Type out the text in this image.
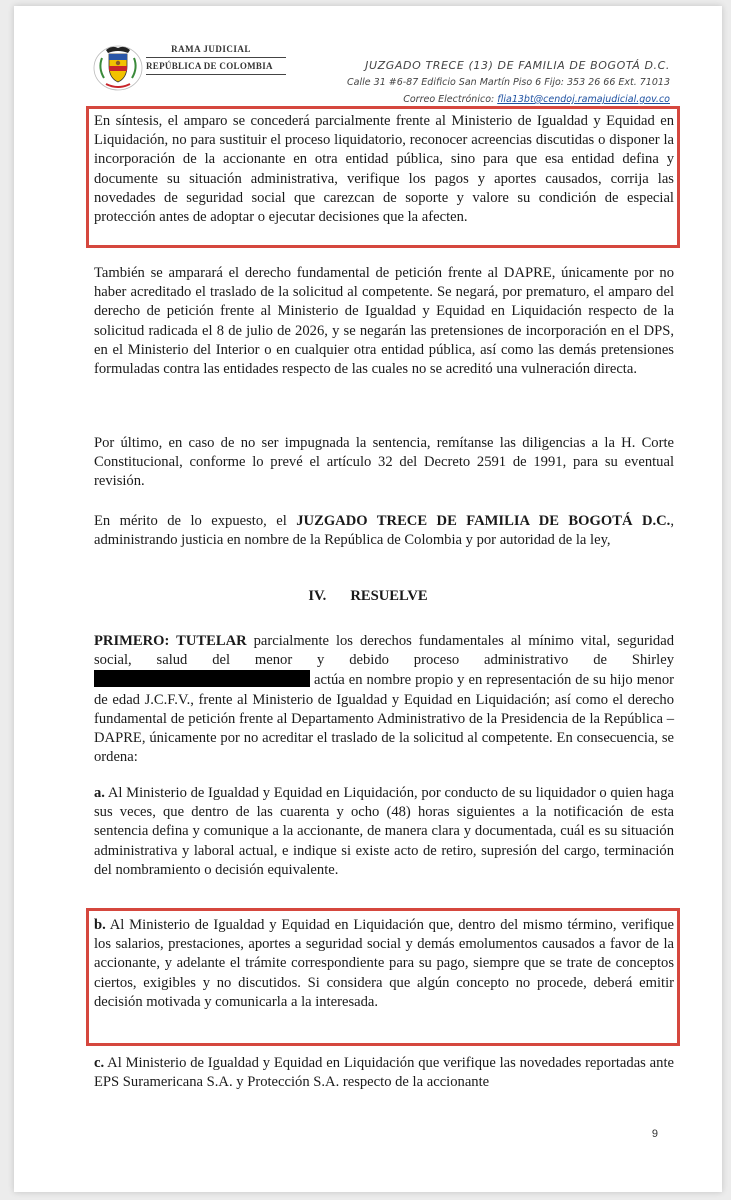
RAMA JUDICIAL
REPÚBLICA DE COLOMBIA	JUZGADO TRECE (13) DE FAMILIA DE BOGOTÁ D.C.
Calle 31 #6-87 Edificio San Martín Piso 6 Fijo: 353 26 66 Ext. 71013
Correo Electrónico: flia13bt@cendoj.ramajudicial.gov.co

En síntesis, el amparo se concederá parcialmente frente al Ministerio de Igualdad y Equidad en Liquidación, no para sustituir el proceso liquidatorio, reconocer acreencias discutidas o disponer la incorporación de la accionante en otra entidad pública, sino para que esa entidad defina y documente su situación administrativa, verifique los pagos y aportes causados, corrija las novedades de seguridad social que carezcan de soporte y valore su condición de especial protección antes de adoptar o ejecutar decisiones que la afecten.

También se amparará el derecho fundamental de petición frente al DAPRE, únicamente por no haber acreditado el traslado de la solicitud al competente. Se negará, por prematuro, el amparo del derecho de petición frente al Ministerio de Igualdad y Equidad en Liquidación respecto de la solicitud radicada el 8 de julio de 2026, y se negarán las pretensiones de incorporación en el DPS, en el Ministerio del Interior o en cualquier otra entidad pública, así como las demás pretensiones formuladas contra las entidades respecto de las cuales no se acreditó una vulneración directa.

Por último, en caso de no ser impugnada la sentencia, remítanse las diligencias a la H. Corte Constitucional, conforme lo prevé el artículo 32 del Decreto 2591 de 1991, para su eventual revisión.

En mérito de lo expuesto, el JUZGADO TRECE DE FAMILIA DE BOGOTÁ D.C., administrando justicia en nombre de la República de Colombia y por autoridad de la ley,

IV. RESUELVE

PRIMERO: TUTELAR parcialmente los derechos fundamentales al mínimo vital, seguridad social, salud del menor y debido proceso administrativo de Shirley  actúa en nombre propio y en representación de su hijo menor de edad J.C.F.V., frente al Ministerio de Igualdad y Equidad en Liquidación; así como el derecho fundamental de petición frente al Departamento Administrativo de la Presidencia de la República – DAPRE, únicamente por no acreditar el traslado de la solicitud al competente. En consecuencia, se ordena:

a. Al Ministerio de Igualdad y Equidad en Liquidación, por conducto de su liquidador o quien haga sus veces, que dentro de las cuarenta y ocho (48) horas siguientes a la notificación de esta sentencia defina y comunique a la accionante, de manera clara y documentada, cuál es su situación administrativa y laboral actual, e indique si existe acto de retiro, supresión del cargo, terminación del nombramiento o decisión equivalente.

b. Al Ministerio de Igualdad y Equidad en Liquidación que, dentro del mismo término, verifique los salarios, prestaciones, aportes a seguridad social y demás emolumentos causados a favor de la accionante, y adelante el trámite correspondiente para su pago, siempre que se trate de conceptos ciertos, exigibles y no discutidos. Si considera que algún concepto no procede, deberá emitir decisión motivada y comunicarla a la interesada.

c. Al Ministerio de Igualdad y Equidad en Liquidación que verifique las novedades reportadas ante EPS Suramericana S.A. y Protección S.A. respecto de la accionante

9
